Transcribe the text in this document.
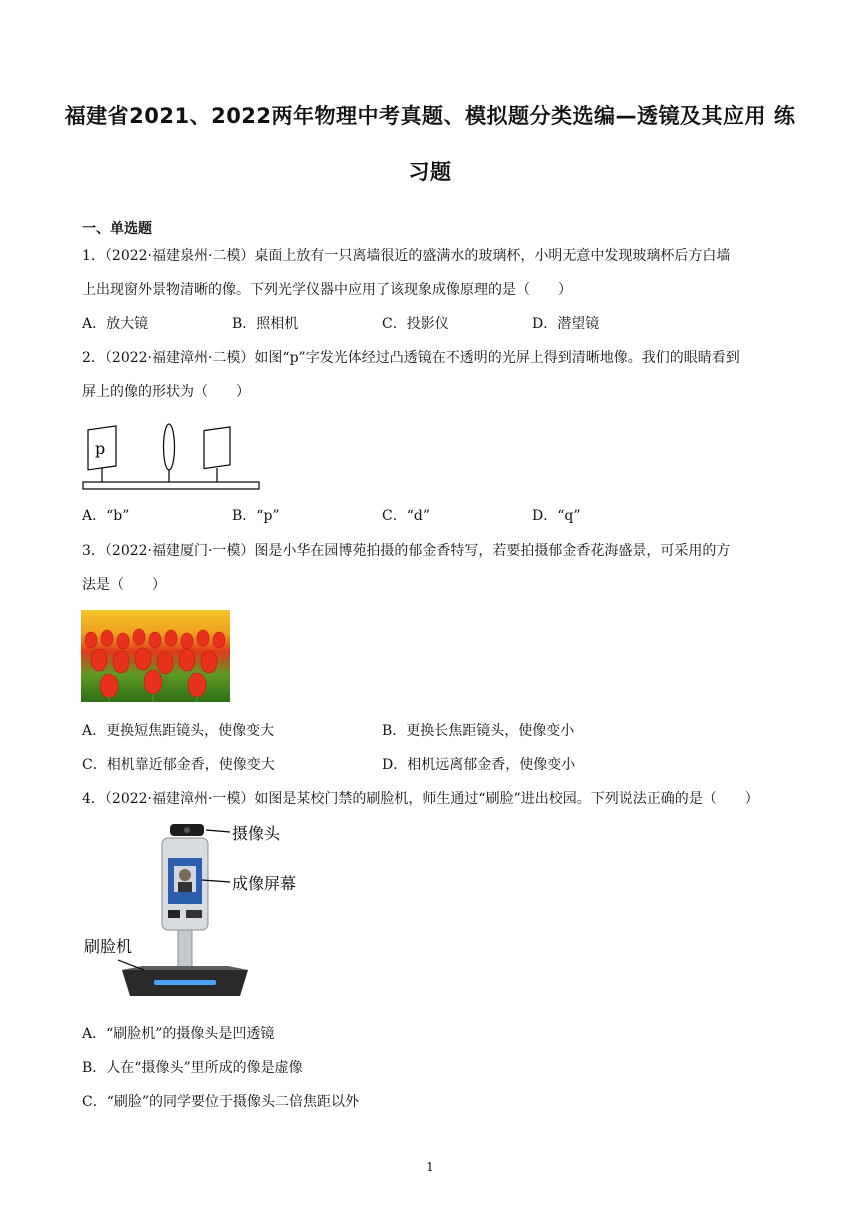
福建省2021、2022两年物理中考真题、模拟题分类选编—透镜及其应用 练
习题
一、单选题
1．（2022·福建泉州·二模）桌面上放有一只离墙很近的盛满水的玻璃杯，小明无意中发现玻璃杯后方白墙
上出现窗外景物清晰的像。下列光学仪器中应用了该现象成像原理的是（　　）
A．放大镜	B．照相机	C．投影仪	D．潜望镜
2．（2022·福建漳州·二模）如图“p”字发光体经过凸透镜在不透明的光屏上得到清晰地像。我们的眼睛看到
屏上的像的形状为（　　）
p
A．“b”	B．“p”	C．“d”	D．“q”
3．（2022·福建厦门·一模）图是小华在园博苑拍摄的郁金香特写，若要拍摄郁金香花海盛景，可采用的方
法是（　　）
A．更换短焦距镜头，使像变大	B．更换长焦距镜头，使像变小
C．相机靠近郁金香，使像变大	D．相机远离郁金香，使像变小
4．（2022·福建漳州·一模）如图是某校门禁的刷脸机，师生通过“刷脸”进出校园。下列说法正确的是（　　）
摄像头
成像屏幕
刷脸机
A．“刷脸机”的摄像头是凹透镜
B．人在“摄像头”里所成的像是虚像
C．“刷脸”的同学要位于摄像头二倍焦距以外
1
